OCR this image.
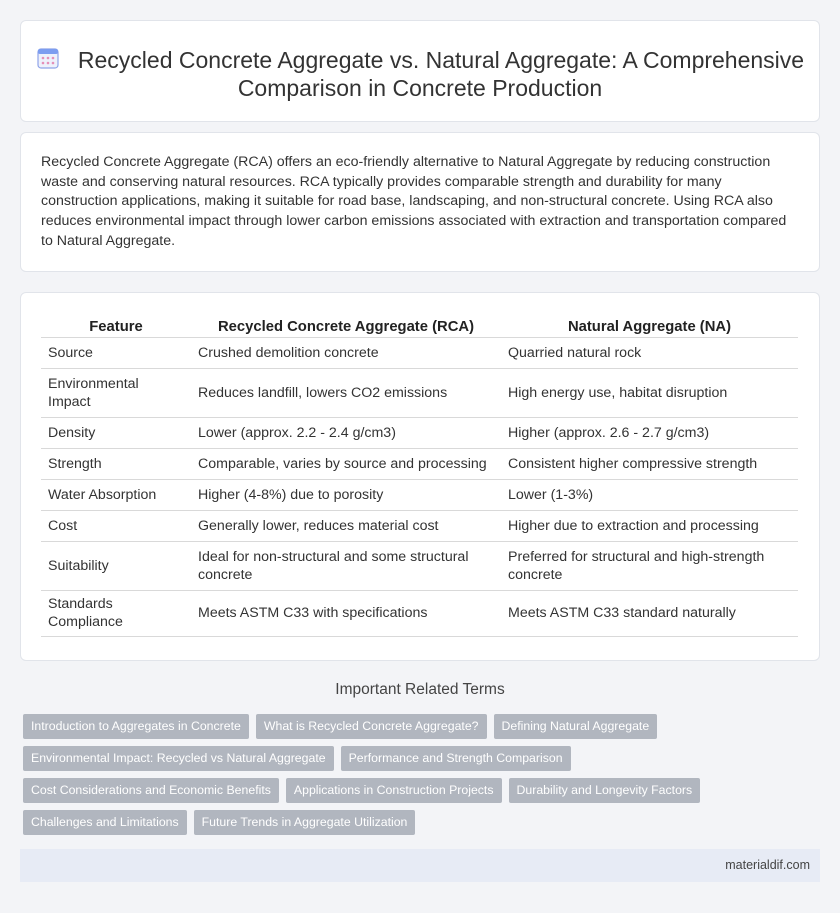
Recycled Concrete Aggregate vs. Natural Aggregate: A Comprehensive Comparison in Concrete Production

Recycled Concrete Aggregate (RCA) offers an eco-friendly alternative to Natural Aggregate by reducing construction waste and conserving natural resources. RCA typically provides comparable strength and durability for many construction applications, making it suitable for road base, landscaping, and non-structural concrete. Using RCA also reduces environmental impact through lower carbon emissions associated with extraction and transportation compared to Natural Aggregate.

Feature	Recycled Concrete Aggregate (RCA)	Natural Aggregate (NA)
Source	Crushed demolition concrete	Quarried natural rock
Environmental Impact	Reduces landfill, lowers CO2 emissions	High energy use, habitat disruption
Density	Lower (approx. 2.2 - 2.4 g/cm3)	Higher (approx. 2.6 - 2.7 g/cm3)
Strength	Comparable, varies by source and processing	Consistent higher compressive strength
Water Absorption	Higher (4-8%) due to porosity	Lower (1-3%)
Cost	Generally lower, reduces material cost	Higher due to extraction and processing
Suitability	Ideal for non-structural and some structural concrete	Preferred for structural and high-strength concrete
Standards Compliance	Meets ASTM C33 with specifications	Meets ASTM C33 standard naturally
Important Related Terms
Introduction to Aggregates in Concrete	What is Recycled Concrete Aggregate?	Defining Natural Aggregate
Environmental Impact: Recycled vs Natural Aggregate	Performance and Strength Comparison
Cost Considerations and Economic Benefits	Applications in Construction Projects	Durability and Longevity Factors
Challenges and Limitations	Future Trends in Aggregate Utilization
materialdif.com
